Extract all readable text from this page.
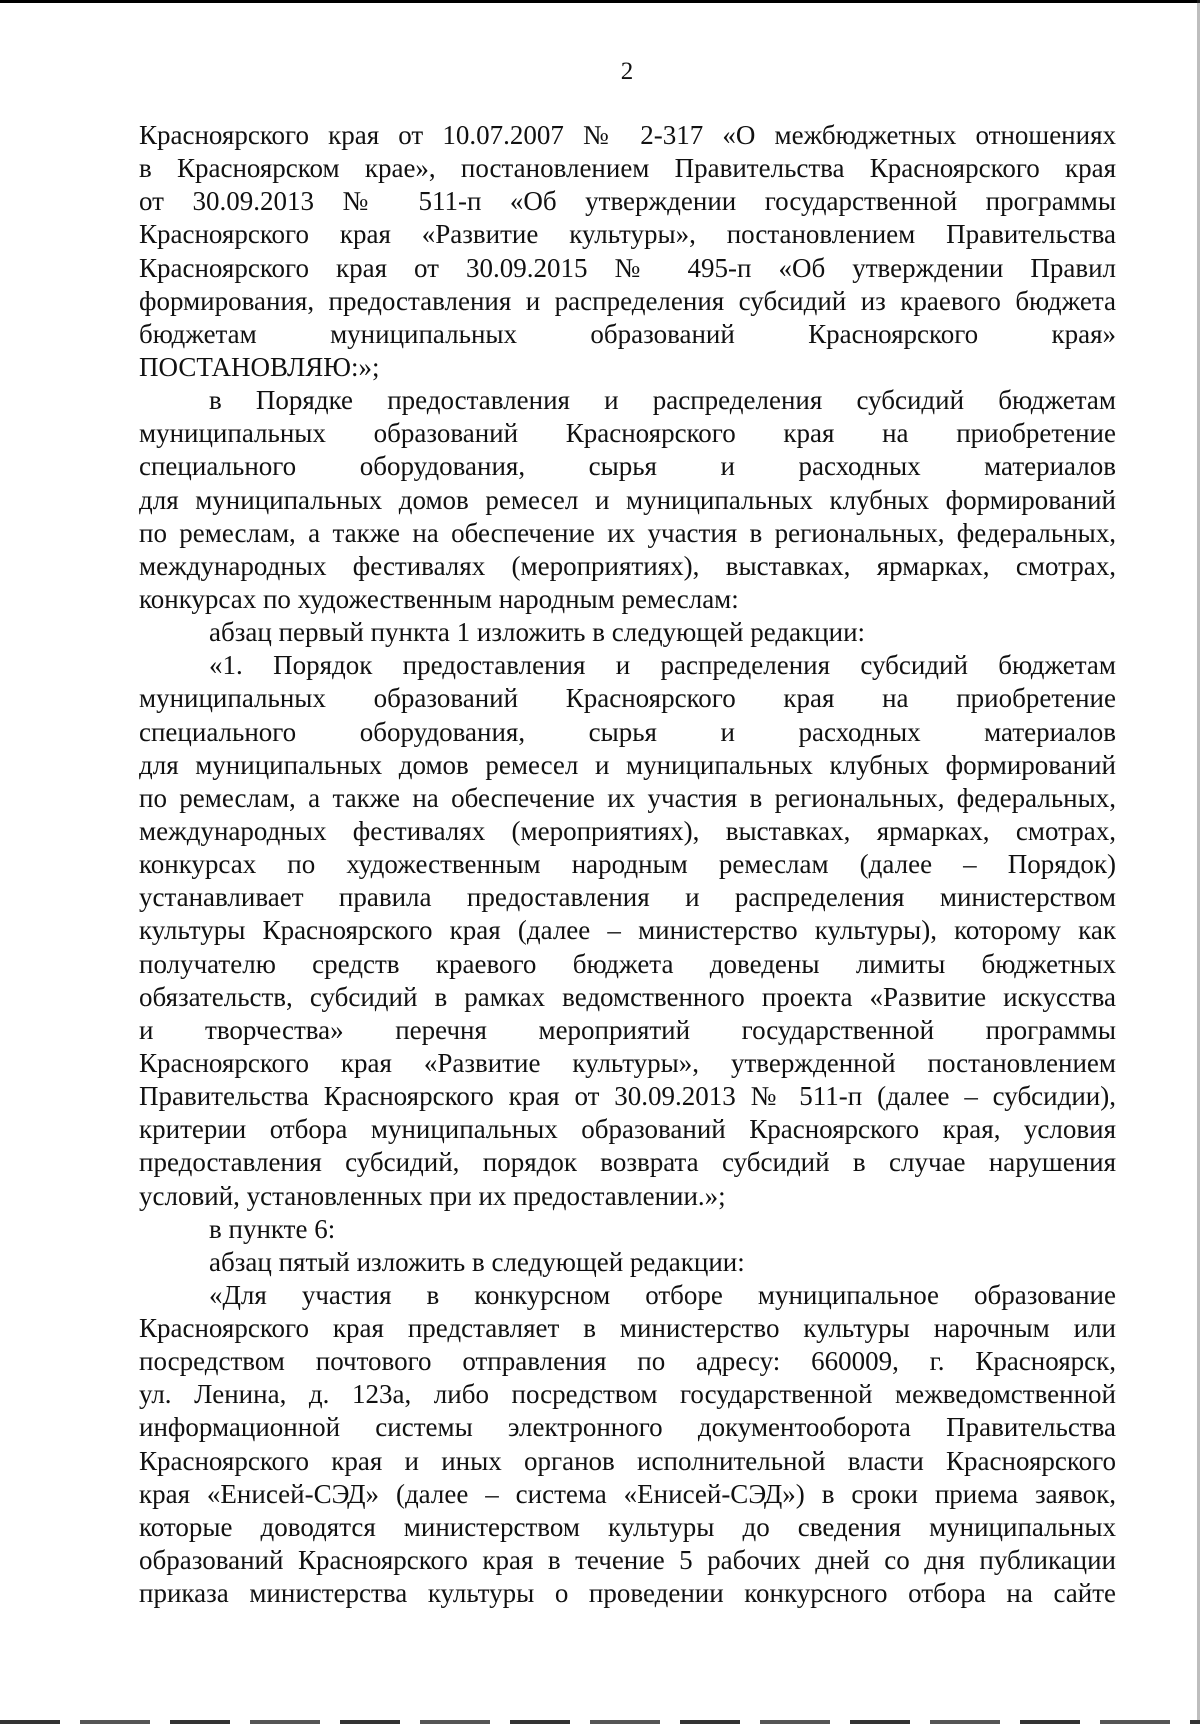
2
Красноярского края от 10.07.2007 № 2-317 «О межбюджетных отношениях
в Красноярском крае», постановлением Правительства Красноярского края
от 30.09.2013 № 511-п «Об утверждении государственной программы
Красноярского края «Развитие культуры», постановлением Правительства
Красноярского края от 30.09.2015 № 495-п «Об утверждении Правил
формирования, предоставления и распределения субсидий из краевого бюджета
бюджетам муниципальных образований Красноярского края»
ПОСТАНОВЛЯЮ:»;
в Порядке предоставления и распределения субсидий бюджетам
муниципальных образований Красноярского края на приобретение
специального оборудования, сырья и расходных материалов
для муниципальных домов ремесел и муниципальных клубных формирований
по ремеслам, а также на обеспечение их участия в региональных, федеральных,
международных фестивалях (мероприятиях), выставках, ярмарках, смотрах,
конкурсах по художественным народным ремеслам:
абзац первый пункта 1 изложить в следующей редакции:
«1. Порядок предоставления и распределения субсидий бюджетам
муниципальных образований Красноярского края на приобретение
специального оборудования, сырья и расходных материалов
для муниципальных домов ремесел и муниципальных клубных формирований
по ремеслам, а также на обеспечение их участия в региональных, федеральных,
международных фестивалях (мероприятиях), выставках, ярмарках, смотрах,
конкурсах по художественным народным ремеслам (далее – Порядок)
устанавливает правила предоставления и распределения министерством
культуры Красноярского края (далее – министерство культуры), которому как
получателю средств краевого бюджета доведены лимиты бюджетных
обязательств, субсидий в рамках ведомственного проекта «Развитие искусства
и творчества» перечня мероприятий государственной программы
Красноярского края «Развитие культуры», утвержденной постановлением
Правительства Красноярского края от 30.09.2013 № 511-п (далее – субсидии),
критерии отбора муниципальных образований Красноярского края, условия
предоставления субсидий, порядок возврата субсидий в случае нарушения
условий, установленных при их предоставлении.»;
в пункте 6:
абзац пятый изложить в следующей редакции:
«Для участия в конкурсном отборе муниципальное образование
Красноярского края представляет в министерство культуры нарочным или
посредством почтового отправления по адресу: 660009, г. Красноярск,
ул. Ленина, д. 123а, либо посредством государственной межведомственной
информационной системы электронного документооборота Правительства
Красноярского края и иных органов исполнительной власти Красноярского
края «Енисей-СЭД» (далее – система «Енисей-СЭД») в сроки приема заявок,
которые доводятся министерством культуры до сведения муниципальных
образований Красноярского края в течение 5 рабочих дней со дня публикации
приказа министерства культуры о проведении конкурсного отбора на сайте
